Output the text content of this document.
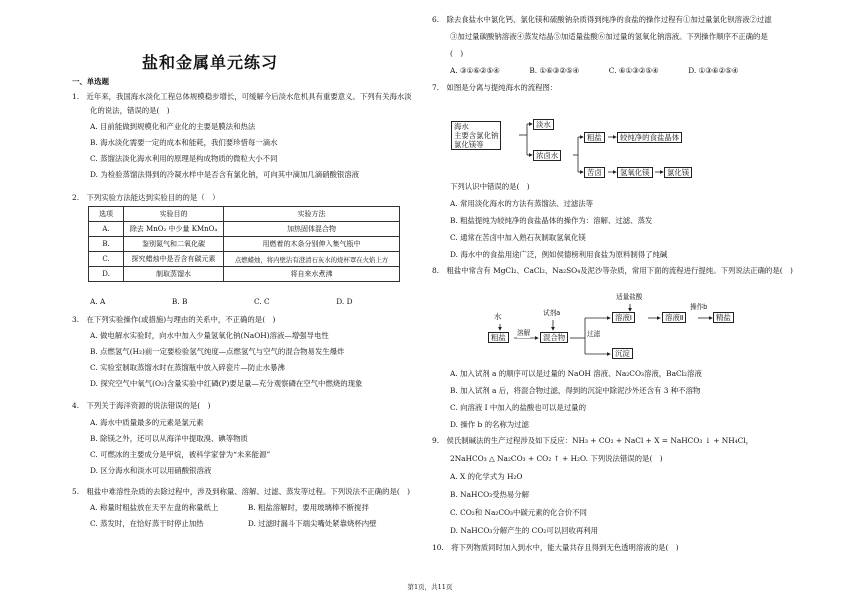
盐和金属单元练习
一、单选题
1.　近年来，我国海水淡化工程总体规模稳步增长，可缓解今后淡水危机具有重要意义。下列有关海水淡
化的说法，错误的是(　)
A. 目前能做到规模化和产业化的主要是膜法和热法
B. 海水淡化需要一定的成本和能耗，我们要珍惜每一滴水
C. 蒸馏法淡化海水利用的原理是构成物质的微粒大小不同
D. 为检验蒸馏法得到的冷凝水样中是否含有氯化钠，可向其中滴加几滴硝酸银溶液
2.　下列实验方法能达到实验目的的是（　）
A. A　　　　　　　　　B. B　　　　　　　　　C. C　　　　　　　　　D. D
3.　在下列实验操作(或措施)与理由的关系中，不正确的是(　)
A. 做电解水实验时，向水中加入少量氢氧化钠(NaOH)溶液—增强导电性
B. 点燃氢气(H₂)前一定要检验氢气纯度—点燃氢气与空气的混合物易发生爆炸
C. 实验室制取蒸馏水时在蒸馏瓶中放入碎瓷片—防止水暴沸
D. 探究空气中氧气(O₂)含量实验中红磷(P)要足量—充分观察磷在空气中燃烧的现象
4.　下列关于海洋资源的说法错误的是(　)
A. 海水中质量最多的元素是氯元素
B. 除镁之外，还可以从海洋中提取溴、碘等物质
C. 可燃冰的主要成分是甲烷，被科学家誉为“未来能源”
D. 区分海水和淡水可以用硝酸银溶液
5.　粗盐中难溶性杂质的去除过程中，涉及到称量、溶解、过滤、蒸发等过程。下列说法不正确的是(　)
A. 称量时粗盐放在天平左盘的称量纸上　　　　B. 粗盐溶解时，要用玻璃棒不断搅拌
C. 蒸发时，在恰好蒸干时停止加热　　　　　　D. 过滤时漏斗下端尖嘴处紧靠烧杯内壁
6.　除去食盐水中氯化钙、氯化镁和硫酸钠杂质得到纯净的食盐的操作过程有①加过量氯化钡溶液②过滤
③加过量碳酸钠溶液④蒸发结晶⑤加适量盐酸⑥加过量的氢氧化钠溶液。下列操作顺序不正确的是
(　)
A. ③①⑥②⑤④　　　　B. ①⑥③②⑤④　　　　C. ⑥①③②⑤④　　　　D. ①③⑥②⑤④
7.　如图是分离与提纯海水的流程图：
下列认识中错误的是(　)
A. 常用淡化海水的方法有蒸馏法、过滤法等
B. 粗盐提纯为较纯净的食盐晶体的操作为：溶解、过滤、蒸发
C. 通常在苦卤中加入熟石灰制取氢氧化镁
D. 海水中的食盐用途广泛，例如侯德榜利用食盐为原料制得了纯碱
8.　粗盐中常含有 MgCl₂、CaCl₂、Na₂SO₄及泥沙等杂质，常用下面的流程进行提纯。下列说法正确的是(　)
A. 加入试剂 a 的顺序可以是过量的 NaOH 溶液、Na₂CO₃溶液，BaCl₂溶液
B. 加入试剂 a 后，将混合物过滤，得到的沉淀中除泥沙外还含有 3 种不溶物
C. 向溶液 I 中加入的盐酸也可以是过量的
D. 操作 b 的名称为过滤
9.　侯氏制碱法的生产过程涉及如下反应：NH₃ + CO₂ + NaCl + X = NaHCO₃ ↓ + NH₄Cl，
2NaHCO₃ △ Na₂CO₃ + CO₂ ↑ + H₂O. 下列说法错误的是(　)
A. X 的化学式为 H₂O
B. NaHCO₃受热易分解
C. CO₂和 Na₂CO₃中碳元素的化合价不同
D. NaHCO₃分解产生的 CO₂可以回收再利用
10.　将下列物质同时加入到水中，能大量共存且得到无色透明溶液的是(　)
选项	实验目的	实验方法
A.	除去 MnO₂ 中少量 KMnO₄	加热固体混合物
B.	鉴别氮气和二氧化碳	用燃着的木条分别伸入集气瓶中
C.	探究蜡烛中是否含有碳元素	点燃蜡烛，将内壁沾有澄清石灰水的烧杯罩在火焰上方
D.	制取蒸馏水	将自来水煮沸
海水
主要含氯化钠
氯化镁等
淡水
浓卤水
粗盐	较纯净的食盐晶体
苦卤	氢氧化镁	氯化镁
水
粗盐	溶解
试剂a
混合物	过滤
适量盐酸
溶液Ⅰ	溶液Ⅱ
操作b
精盐
沉淀
第1页，共11页
